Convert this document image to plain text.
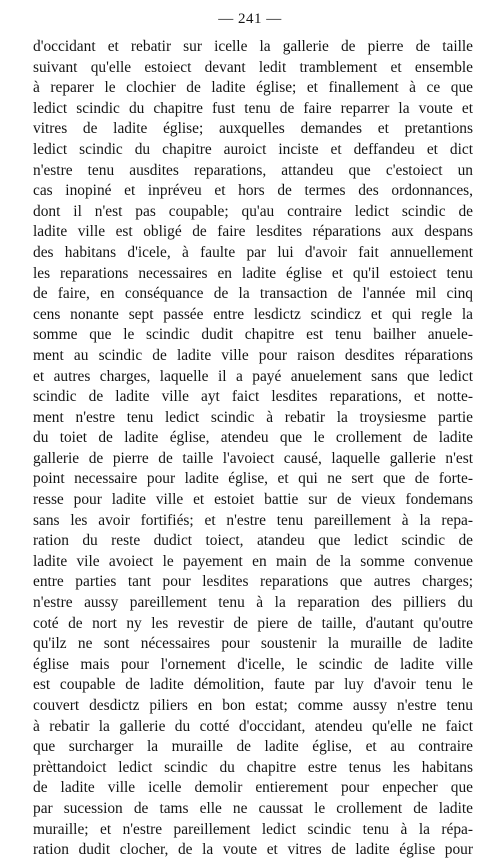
— 241 —
d'occidant et rebatir sur icelle la gallerie de pierre de taille
suivant qu'elle estoiect devant ledit tramblement et ensemble
à reparer le clochier de ladite église; et finallement à ce que
ledict scindic du chapitre fust tenu de faire reparrer la voute et
vitres de ladite église; auxquelles demandes et pretantions
ledict scindic du chapitre auroict inciste et deffandeu et dict
n'estre tenu ausdites reparations, attandeu que c'estoiect un
cas inopiné et inpréveu et hors de termes des ordonnances,
dont il n'est pas coupable; qu'au contraire ledict scindic de
ladite ville est obligé de faire lesdites réparations aux despans
des habitans d'icele, à faulte par lui d'avoir fait annuellement
les reparations necessaires en ladite église et qu'il estoiect tenu
de faire, en conséquance de la transaction de l'année mil cinq
cens nonante sept passée entre lesdictz scindicz et qui regle la
somme que le scindic dudit chapitre est tenu bailher anuele-
ment au scindic de ladite ville pour raison desdites réparations
et autres charges, laquelle il a payé anuelement sans que ledict
scindic de ladite ville ayt faict lesdites reparations, et notte-
ment n'estre tenu ledict scindic à rebatir la troysiesme partie
du toiet de ladite église, atendeu que le crollement de ladite
gallerie de pierre de taille l'avoiect causé, laquelle gallerie n'est
point necessaire pour ladite église, et qui ne sert que de forte-
resse pour ladite ville et estoiet battie sur de vieux fondemans
sans les avoir fortifiés; et n'estre tenu pareillement à la repa-
ration du reste dudict toiect, atandeu que ledict scindic de
ladite vile avoiect le payement en main de la somme convenue
entre parties tant pour lesdites reparations que autres charges;
n'estre aussy pareillement tenu à la reparation des pilliers du
coté de nort ny les revestir de piere de taille, d'autant qu'outre
qu'ilz ne sont nécessaires pour soustenir la muraille de ladite
église mais pour l'ornement d'icelle, le scindic de ladite ville
est coupable de ladite démolition, faute par luy d'avoir tenu le
couvert desdictz piliers en bon estat; comme aussy n'estre tenu
à rebatir la gallerie du cotté d'occidant, atendeu qu'elle ne faict
que surcharger la muraille de ladite église, et au contraire
prèttandoict ledict scindic du chapitre estre tenus les habitans
de ladite ville icelle demolir entierement pour enpecher que
par sucession de tams elle ne caussat le crollement de ladite
muraille; et n'estre pareillement ledict scindic tenu à la répa-
ration dudit clocher, de la voute et vitres de ladite église pour
